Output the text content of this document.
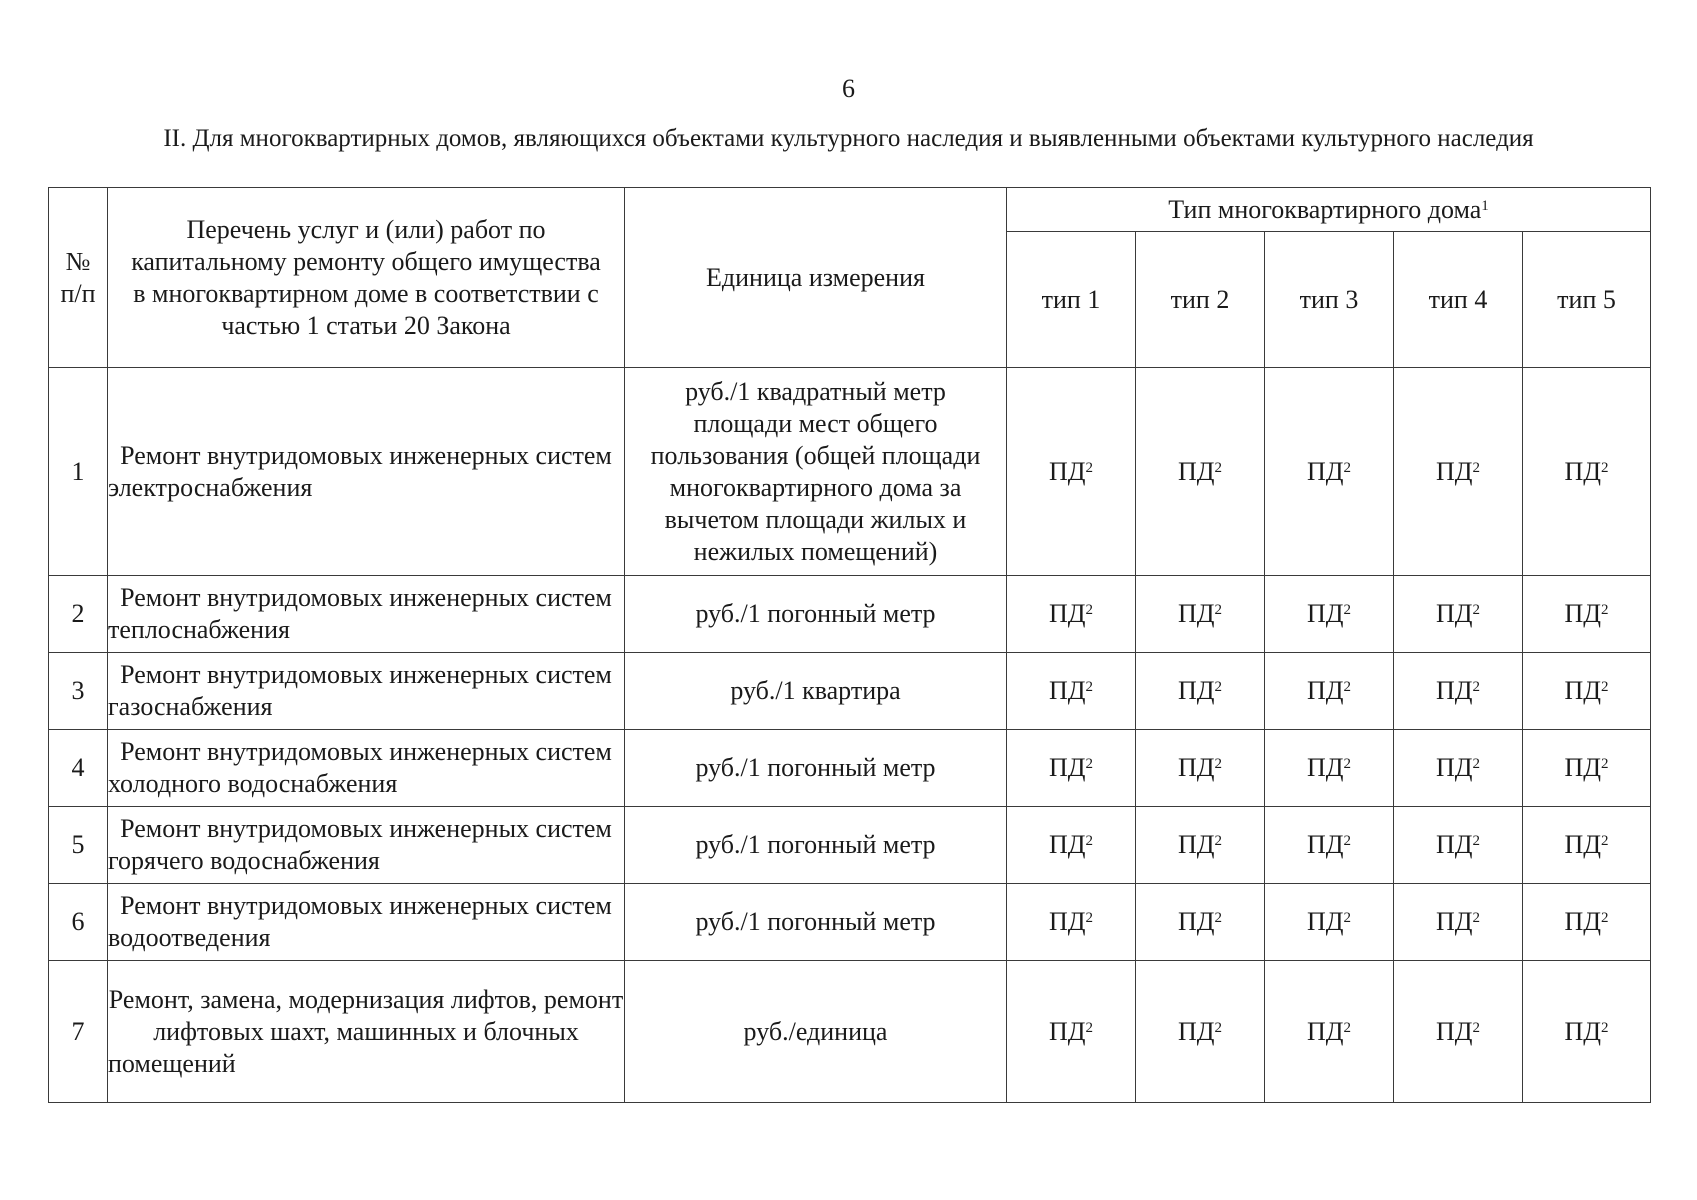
6
II. Для многоквартирных домов, являющихся объектами культурного наследия и выявленными объектами культурного наследия
№ п/п	Перечень услуг и (или) работ по капитальному ремонту общего имущества в многоквартирном доме в соответствии с частью 1 статьи 20 Закона	Единица измерения	Тип многоквартирного дома$^1$
			тип 1	тип 2	тип 3	тип 4	тип 5
1	Ремонт внутридомовых инженерных систем электроснабжения	руб./1 квадратный метр площади мест общего пользования (общей площади многоквартирного дома за вычетом площади жилых и нежилых помещений)	$ПД^2$	$ПД^2$	$ПД^2$	$ПД^2$	$ПД^2$
2	Ремонт внутридомовых инженерных систем теплоснабжения	руб./1 погонный метр	$ПД^2$	$ПД^2$	$ПД^2$	$ПД^2$	$ПД^2$
3	Ремонт внутридомовых инженерных систем газоснабжения	руб./1 квартира	$ПД^2$	$ПД^2$	$ПД^2$	$ПД^2$	$ПД^2$
4	Ремонт внутридомовых инженерных систем холодного водоснабжения	руб./1 погонный метр	$ПД^2$	$ПД^2$	$ПД^2$	$ПД^2$	$ПД^2$
5	Ремонт внутридомовых инженерных систем горячего водоснабжения	руб./1 погонный метр	$ПД^2$	$ПД^2$	$ПД^2$	$ПД^2$	$ПД^2$
6	Ремонт внутридомовых инженерных систем водоотведения	руб./1 погонный метр	$ПД^2$	$ПД^2$	$ПД^2$	$ПД^2$	$ПД^2$
7	Ремонт, замена, модернизация лифтов, ремонт лифтовых шахт, машинных и блочных помещений	руб./единица	$ПД^2$	$ПД^2$	$ПД^2$	$ПД^2$	$ПД^2$
